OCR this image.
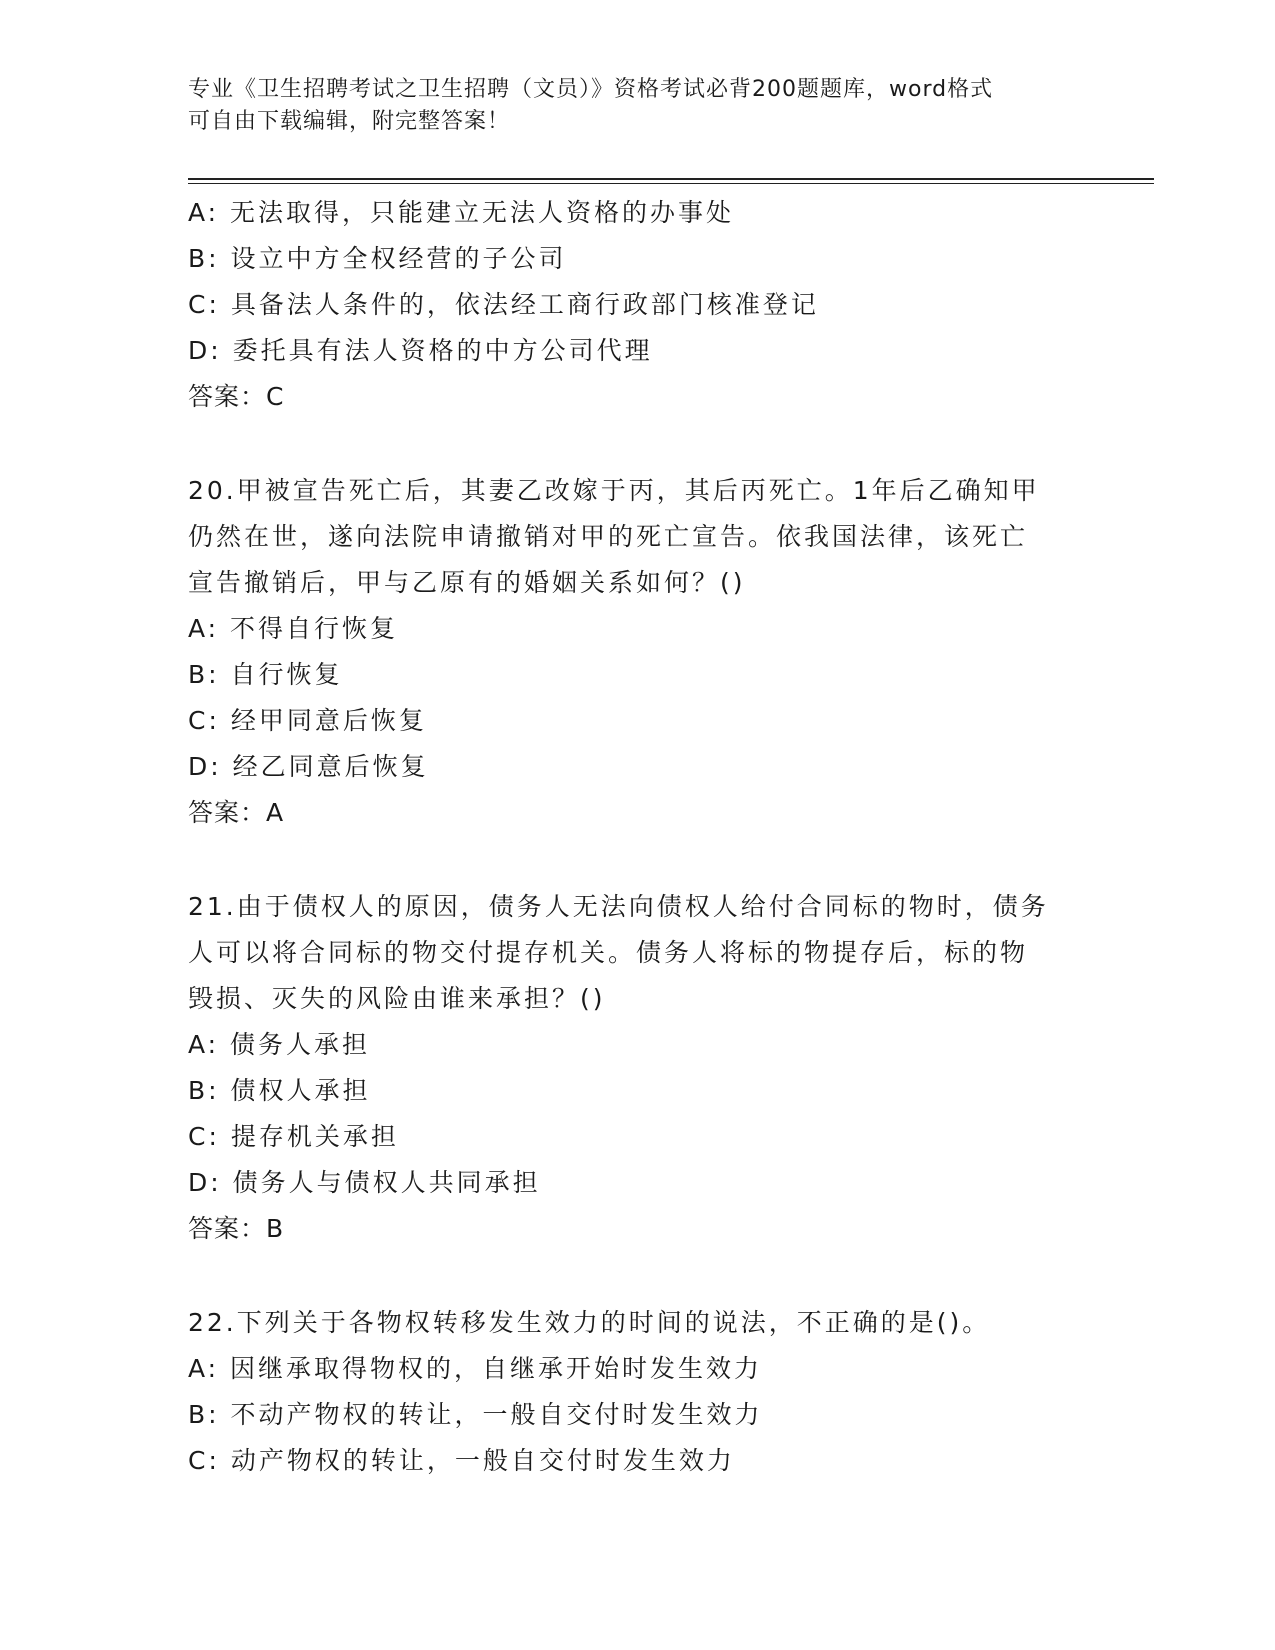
专业《卫生招聘考试之卫生招聘（文员）》资格考试必背200题题库，word格式
可自由下载编辑，附完整答案！
A: 无法取得，只能建立无法人资格的办事处
B: 设立中方全权经营的子公司
C: 具备法人条件的，依法经工商行政部门核准登记
D: 委托具有法人资格的中方公司代理
答案：C
20.甲被宣告死亡后，其妻乙改嫁于丙，其后丙死亡。1年后乙确知甲
仍然在世，遂向法院申请撤销对甲的死亡宣告。依我国法律，该死亡
宣告撤销后，甲与乙原有的婚姻关系如何？()
A: 不得自行恢复
B: 自行恢复
C: 经甲同意后恢复
D: 经乙同意后恢复
答案：A
21.由于债权人的原因，债务人无法向债权人给付合同标的物时，债务
人可以将合同标的物交付提存机关。债务人将标的物提存后，标的物
毁损、灭失的风险由谁来承担？()
A: 债务人承担
B: 债权人承担
C: 提存机关承担
D: 债务人与债权人共同承担
答案：B
22.下列关于各物权转移发生效力的时间的说法，不正确的是()。
A: 因继承取得物权的，自继承开始时发生效力
B: 不动产物权的转让，一般自交付时发生效力
C: 动产物权的转让，一般自交付时发生效力
